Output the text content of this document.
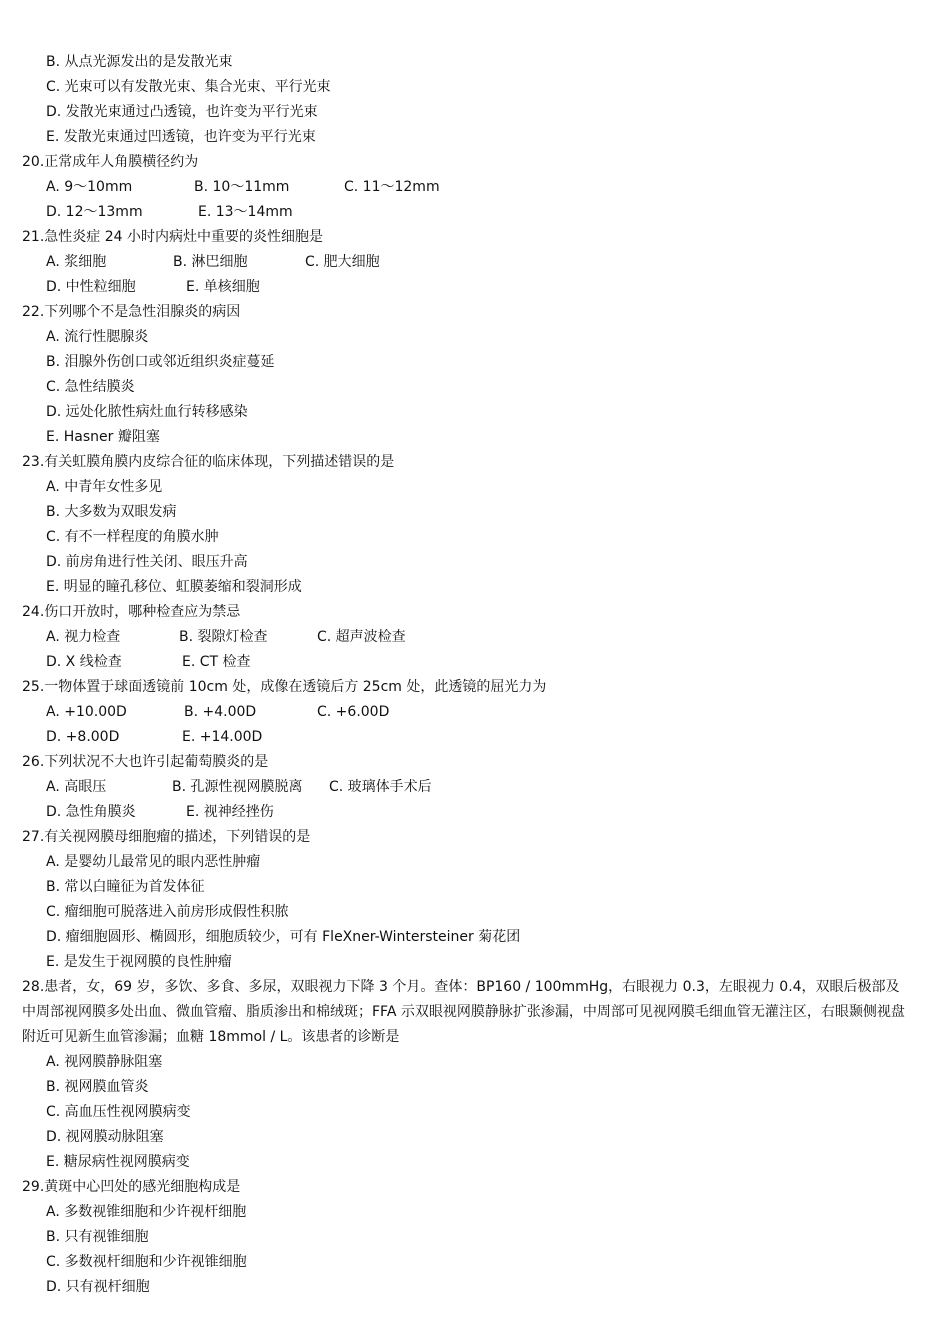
B. 从点光源发出的是发散光束
C. 光束可以有发散光束、集合光束、平行光束
D. 发散光束通过凸透镜，也许变为平行光束
E. 发散光束通过凹透镜，也许变为平行光束
20.正常成年人角膜横径约为
A. 9～10mm	B. 10～11mm	C. 11～12mm
D. 12～13mm	E. 13～14mm
21.急性炎症 24 小时内病灶中重要的炎性细胞是
A. 浆细胞	B. 淋巴细胞	C. 肥大细胞
D. 中性粒细胞	E. 单核细胞
22.下列哪个不是急性泪腺炎的病因
A. 流行性腮腺炎
B. 泪腺外伤创口或邻近组织炎症蔓延
C. 急性结膜炎
D. 远处化脓性病灶血行转移感染
E. Hasner 瓣阻塞
23.有关虹膜角膜内皮综合征的临床体现，下列描述错误的是
A. 中青年女性多见
B. 大多数为双眼发病
C. 有不一样程度的角膜水肿
D. 前房角进行性关闭、眼压升高
E. 明显的瞳孔移位、虹膜萎缩和裂洞形成
24.伤口开放时，哪种检查应为禁忌
A. 视力检查	B. 裂隙灯检查	C. 超声波检查
D. X 线检查	E. CT 检查
25.一物体置于球面透镜前 10cm 处，成像在透镜后方 25cm 处，此透镜的屈光力为
A. +10.00D	B. +4.00D	C. +6.00D
D. +8.00D	E. +14.00D
26.下列状况不大也许引起葡萄膜炎的是
A. 高眼压	B. 孔源性视网膜脱离 C. 玻璃体手术后
D. 急性角膜炎	E. 视神经挫伤
27.有关视网膜母细胞瘤的描述，下列错误的是
A. 是婴幼儿最常见的眼内恶性肿瘤
B. 常以白瞳征为首发体征
C. 瘤细胞可脱落进入前房形成假性积脓
D. 瘤细胞圆形、椭圆形，细胞质较少，可有 FleXner-Wintersteiner 菊花团
E. 是发生于视网膜的良性肿瘤
28.患者，女，69 岁，多饮、多食、多尿，双眼视力下降 3 个月。查体：BP160 / 100mmHg，右眼视力 0.3，左眼视力 0.4，双眼后极部及中周部视网膜多处出血、微血管瘤、脂质渗出和棉绒斑；FFA 示双眼视网膜静脉扩张渗漏，中周部可见视网膜毛细血管无灌注区，右眼颞侧视盘附近可见新生血管渗漏；血糖 18mmol / L。该患者的诊断是
A. 视网膜静脉阻塞
B. 视网膜血管炎
C. 高血压性视网膜病变
D. 视网膜动脉阻塞
E. 糖尿病性视网膜病变
29.黄斑中心凹处的感光细胞构成是
A. 多数视锥细胞和少许视杆细胞
B. 只有视锥细胞
C. 多数视杆细胞和少许视锥细胞
D. 只有视杆细胞
